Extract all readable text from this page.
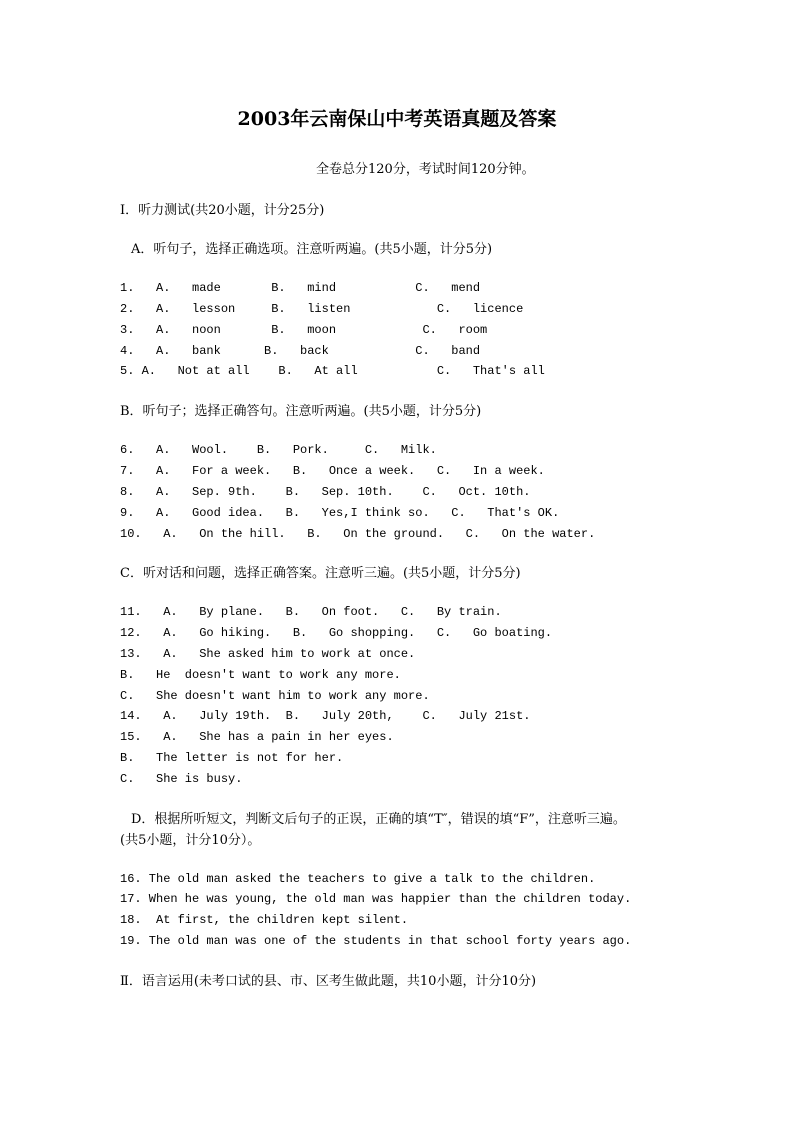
2003年云南保山中考英语真题及答案
全卷总分120分，考试时间120分钟。
I．听力测试(共20小题，计分25分)
A．听句子，选择正确选项。注意听两遍。(共5小题，计分5分)
1.   A.   made       B.   mind           C.   mend
2.   A.   lesson     B.   listen            C.   licence
3.   A.   noon       B.   moon            C.   room
4.   A.   bank      B.   back            C.   band
5. A.   Not at all    B.   At all           C.   That's all
B．听句子；选择正确答句。注意听两遍。(共5小题，计分5分)
6.   A.   Wool.    B.   Pork.     C.   Milk.
7.   A.   For a week.   B.   Once a week.   C.   In a week.
8.   A.   Sep. 9th.    B.   Sep. 10th.    C.   Oct. 10th.
9.   A.   Good idea.   B.   Yes,I think so.   C.   That's OK.
10.   A.   On the hill.   B.   On the ground.   C.   On the water.
C．听对话和问题，选择正确答案。注意听三遍。(共5小题，计分5分)
11.   A.   By plane.   B.   On foot.   C.   By train.
12.   A.   Go hiking.   B.   Go shopping.   C.   Go boating.
13.   A.   She asked him to work at once.
B.   He  doesn't want to work any more.
C.   She doesn't want him to work any more.
14.   A.   July 19th.  B.   July 20th,    C.   July 21st.
15.   A.   She has a pain in her eyes.
B.   The letter is not for her.
C.   She is busy.
D．根据所听短文，判断文后句子的正误，正确的填“T″，错误的填“F”，注意听三遍。
(共5小题，计分10分）。
16. The old man asked the teachers to give a talk to the children.
17. When he was young, the old man was happier than the children today.
18.  At first, the children kept silent.
19. The old man was one of the students in that school forty years ago.
Ⅱ．语言运用(未考口试的县、市、区考生做此题，共10小题，计分10分)
